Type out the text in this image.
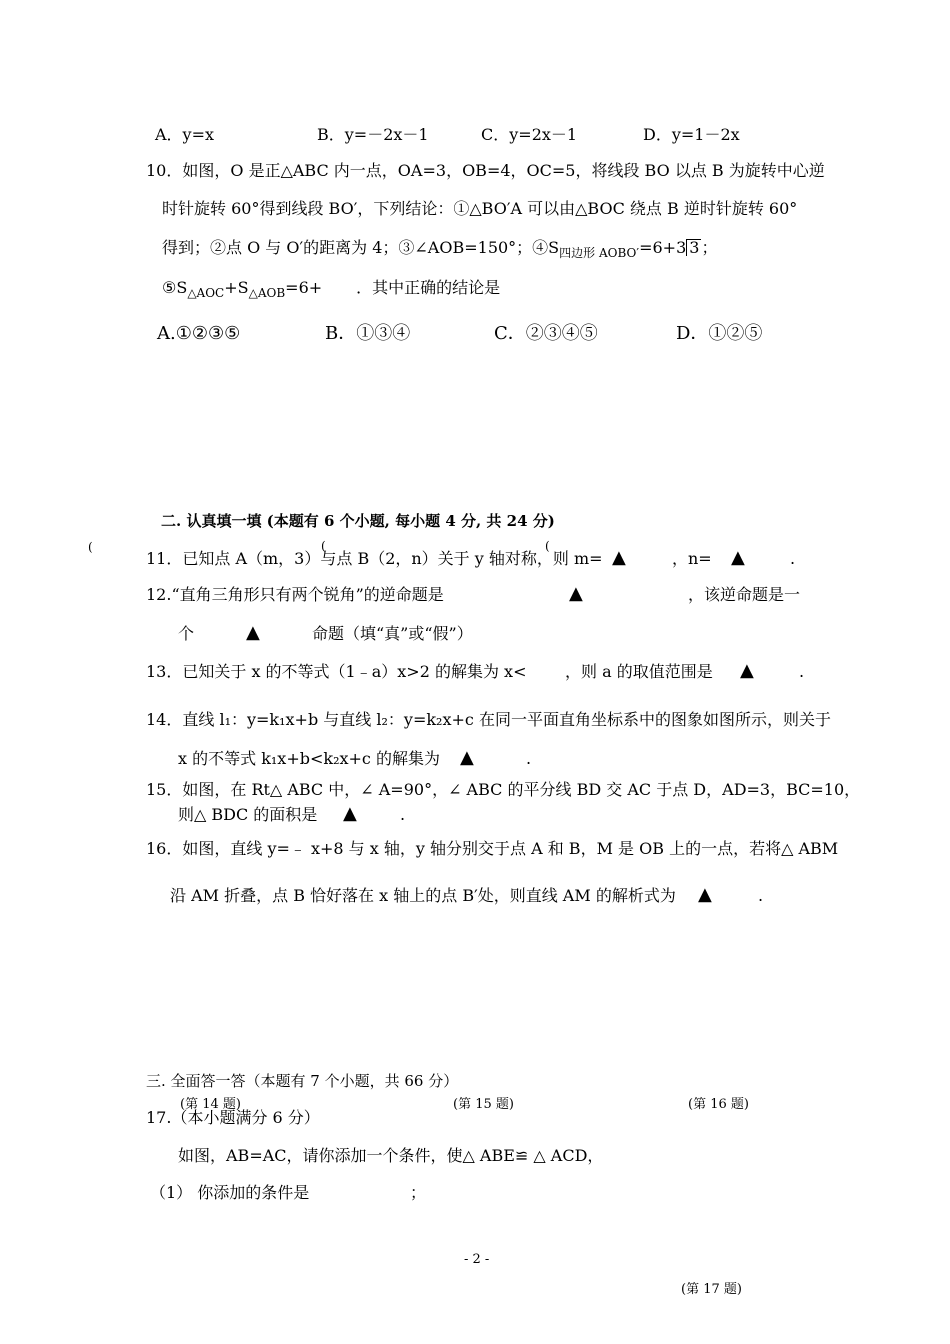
A．y=x	B．y=－2x－1	C．y=2x－1	D．y=1－2x
10．如图，O 是正△ABC 内一点，OA=3，OB=4，OC=5，将线段 BO 以点 B 为旋转中心逆
时针旋转 60°得到线段 BO′，下列结论：①△BO′A 可以由△BOC 绕点 B 逆时针旋转 60°
得到；②点 O 与 O′的距离为 4；③∠AOB=150°；$④S_{四边形 AOBO'}=6+3$ 3 ；
$⑤S_{\triangle AOC}+S_{\triangle AOB}=6+$ ．其中正确的结论是
A.①②③⑤	B．①③④	C．②③④⑤	D．①②⑤
二. 认真填一填 (本题有 6 个小题, 每小题 4 分, 共 24 分)
(	(	(
11．已知点 A（m，3）与点 B（2，n）关于 y 轴对称，则 m= ▲	，n= ▲	.
12.“直角三角形只有两个锐角”的逆命题是	▲	，该逆命题是一
个	▲	命题（填“真”或“假”）
13．已知关于 x 的不等式（1﹣a）x>2 的解集为 x< ，则 a 的取值范围是 ▲	.
14．直线 l₁：y=k₁x+b 与直线 l₂：y=k₂x+c 在同一平面直角坐标系中的图象如图所示，则关于
x 的不等式 k₁x+b<k₂x+c 的解集为 ▲	.
15．如图，在 Rt△ ABC 中，∠ A=90°，∠ ABC 的平分线 BD 交 AC 于点 D，AD=3，BC=10，
则△ BDC 的面积是 ▲	.
16．如图，直线 y=﹣ x+8 与 x 轴，y 轴分别交于点 A 和 B，M 是 OB 上的一点，若将△ ABM
沿 AM 折叠，点 B 恰好落在 x 轴上的点 B′处，则直线 AM 的解析式为 ▲	.
三. 全面答一答（本题有 7 个小题，共 66 分）
(第 14 题)	(第 15 题)	(第 16 题)
17.（本小题满分 6 分）
如图，AB=AC，请你添加一个条件，使△ ABE≌ △ ACD，
（1） 你添加的条件是	；
- 2 -
(第 17 题)
